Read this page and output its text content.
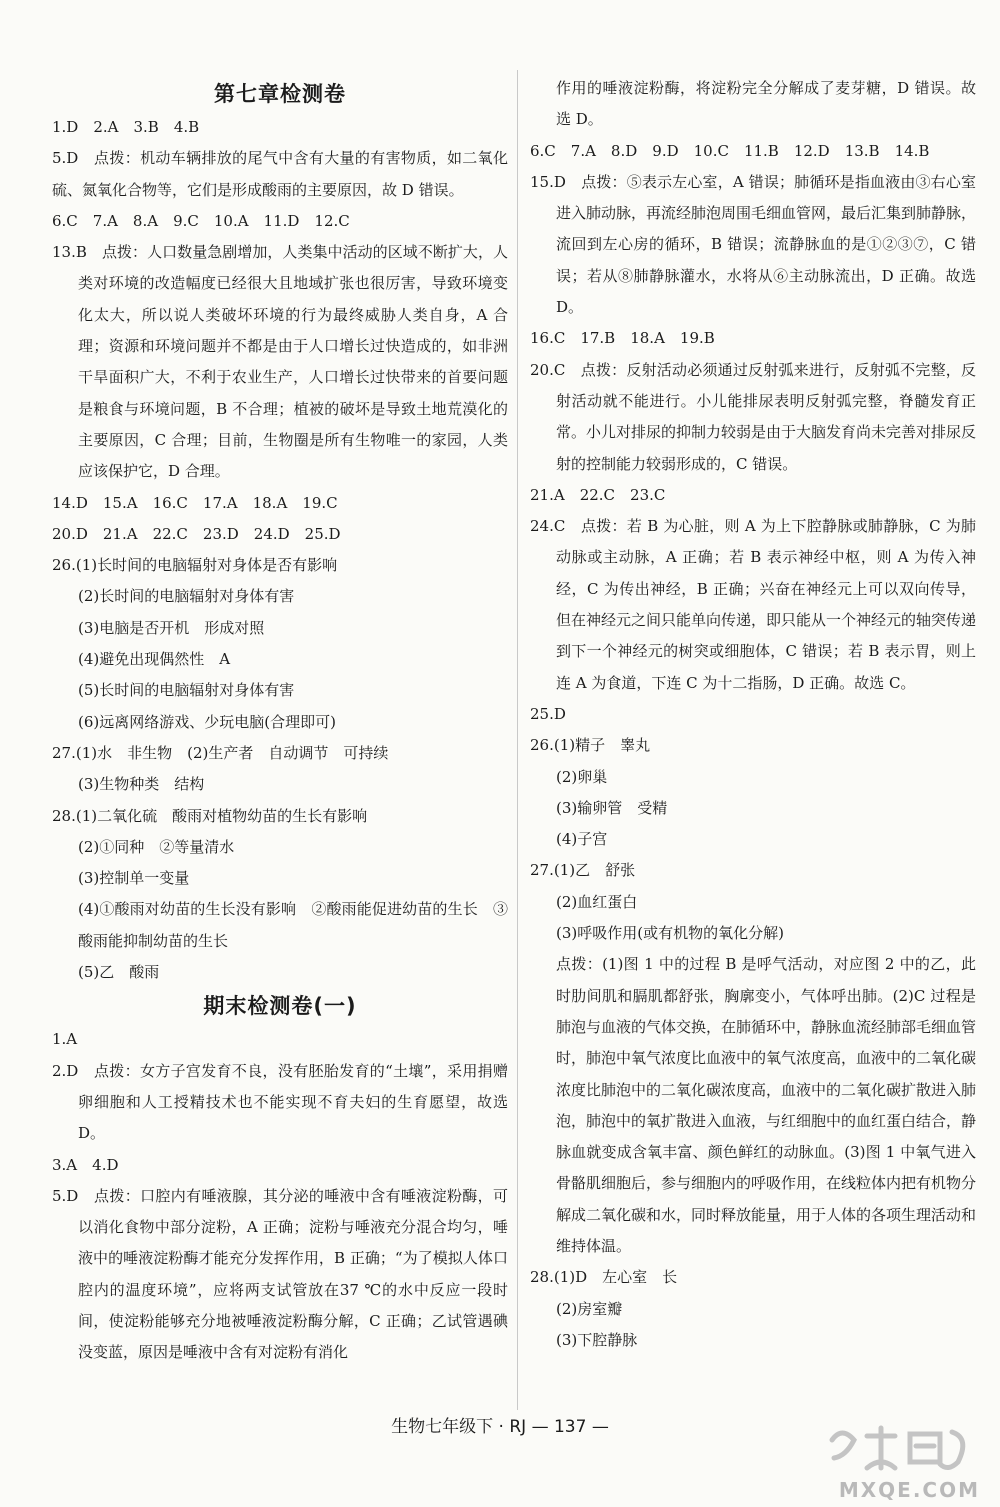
第七章检测卷
1.D　2.A　3.B　4.B
5.D　点拨：机动车辆排放的尾气中含有大量的有害物质，如二氧化硫、氮氧化合物等，它们是形成酸雨的主要原因，故 D 错误。
6.C　7.A　8.A　9.C　10.A　11.D　12.C
13.B　点拨：人口数量急剧增加，人类集中活动的区域不断扩大，人类对环境的改造幅度已经很大且地域扩张也很厉害，导致环境变化太大，所以说人类破坏环境的行为最终威胁人类自身，A 合理；资源和环境问题并不都是由于人口增长过快造成的，如非洲干旱面积广大，不利于农业生产，人口增长过快带来的首要问题是粮食与环境问题，B 不合理；植被的破坏是导致土地荒漠化的主要原因，C 合理；目前，生物圈是所有生物唯一的家园，人类应该保护它，D 合理。
14.D　15.A　16.C　17.A　18.A　19.C
20.D　21.A　22.C　23.D　24.D　25.D
26.(1)长时间的电脑辐射对身体是否有影响
(2)长时间的电脑辐射对身体有害
(3)电脑是否开机　形成对照
(4)避免出现偶然性　A
(5)长时间的电脑辐射对身体有害
(6)远离网络游戏、少玩电脑(合理即可)
27.(1)水　非生物　(2)生产者　自动调节　可持续
(3)生物种类　结构
28.(1)二氧化硫　酸雨对植物幼苗的生长有影响
(2)①同种　②等量清水
(3)控制单一变量
(4)①酸雨对幼苗的生长没有影响　②酸雨能促进幼苗的生长　③酸雨能抑制幼苗的生长
(5)乙　酸雨
期末检测卷(一)
1.A
2.D　点拨：女方子宫发育不良，没有胚胎发育的“土壤”，采用捐赠卵细胞和人工授精技术也不能实现不育夫妇的生育愿望，故选 D。
3.A　4.D
5.D　点拨：口腔内有唾液腺，其分泌的唾液中含有唾液淀粉酶，可以消化食物中部分淀粉，A 正确；淀粉与唾液充分混合均匀，唾液中的唾液淀粉酶才能充分发挥作用，B 正确；“为了模拟人体口腔内的温度环境”，应将两支试管放在37 ℃的水中反应一段时间，使淀粉能够充分地被唾液淀粉酶分解，C 正确；乙试管遇碘没变蓝，原因是唾液中含有对淀粉有消化
作用的唾液淀粉酶，将淀粉完全分解成了麦芽糖，D 错误。故选 D。
6.C　7.A　8.D　9.D　10.C　11.B　12.D　13.B　14.B
15.D　点拨：⑤表示左心室，A 错误；肺循环是指血液由③右心室进入肺动脉，再流经肺泡周围毛细血管网，最后汇集到肺静脉，流回到左心房的循环，B 错误；流静脉血的是①②③⑦，C 错误；若从⑧肺静脉灌水，水将从⑥主动脉流出，D 正确。故选 D。
16.C　17.B　18.A　19.B
20.C　点拨：反射活动必须通过反射弧来进行，反射弧不完整，反射活动就不能进行。小儿能排尿表明反射弧完整，脊髓发育正常。小儿对排尿的抑制力较弱是由于大脑发育尚未完善对排尿反射的控制能力较弱形成的，C 错误。
21.A　22.C　23.C
24.C　点拨：若 B 为心脏，则 A 为上下腔静脉或肺静脉，C 为肺动脉或主动脉，A 正确；若 B 表示神经中枢，则 A 为传入神经，C 为传出神经，B 正确；兴奋在神经元上可以双向传导，但在神经元之间只能单向传递，即只能从一个神经元的轴突传递到下一个神经元的树突或细胞体，C 错误；若 B 表示胃，则上连 A 为食道，下连 C 为十二指肠，D 正确。故选 C。
25.D
26.(1)精子　睾丸
(2)卵巢
(3)输卵管　受精
(4)子宫
27.(1)乙　舒张
(2)血红蛋白
(3)呼吸作用(或有机物的氧化分解)
点拨：(1)图 1 中的过程 B 是呼气活动，对应图 2 中的乙，此时肋间肌和膈肌都舒张，胸廓变小，气体呼出肺。(2)C 过程是肺泡与血液的气体交换，在肺循环中，静脉血流经肺部毛细血管时，肺泡中氧气浓度比血液中的氧气浓度高，血液中的二氧化碳浓度比肺泡中的二氧化碳浓度高，血液中的二氧化碳扩散进入肺泡，肺泡中的氧扩散进入血液，与红细胞中的血红蛋白结合，静脉血就变成含氧丰富、颜色鲜红的动脉血。(3)图 1 中氧气进入骨骼肌细胞后，参与细胞内的呼吸作用，在线粒体内把有机物分解成二氧化碳和水，同时释放能量，用于人体的各项生理活动和维持体温。
28.(1)D　左心室　长
(2)房室瓣
(3)下腔静脉
生物七年级下 · RJ — 137 —
MXQE.COM
